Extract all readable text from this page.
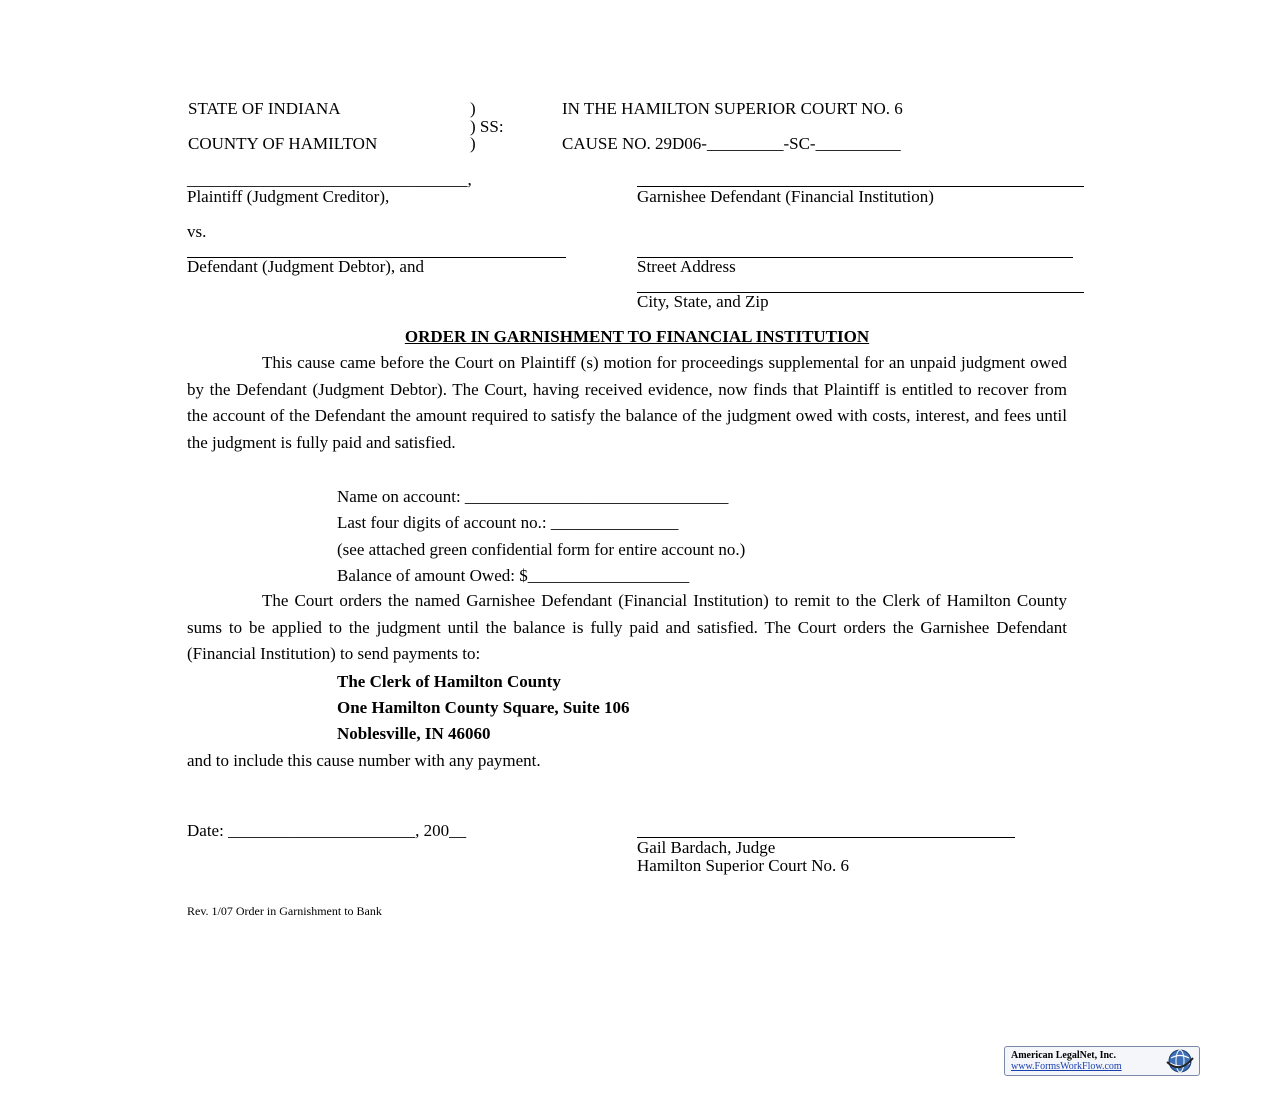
STATE OF INDIANA
COUNTY OF HAMILTON
)
) SS:
)
IN THE HAMILTON SUPERIOR COURT NO. 6
CAUSE NO. 29D06-_________-SC-__________
_________________________________,
Plaintiff (Judgment Creditor),
vs.
Defendant (Judgment Debtor), and
Garnishee Defendant (Financial Institution)
Street Address
City, State, and Zip
ORDER IN GARNISHMENT TO FINANCIAL INSTITUTION
This cause came before the Court on Plaintiff (s) motion for proceedings supplemental for an unpaid judgment owed by the Defendant (Judgment Debtor). The Court, having received evidence, now finds that Plaintiff is entitled to recover from the account of the Defendant the amount required to satisfy the balance of the judgment owed with costs, interest, and fees until the judgment is fully paid and satisfied.
Name on account: _______________________________
Last four digits of account no.: _______________
(see attached green confidential form for entire account no.)
Balance of amount Owed: $___________________
The Court orders the named Garnishee Defendant (Financial Institution) to remit to the Clerk of Hamilton County sums to be applied to the judgment until the balance is fully paid and satisfied. The Court orders the Garnishee Defendant (Financial Institution) to send payments to:
The Clerk of Hamilton County
One Hamilton County Square, Suite 106
Noblesville, IN 46060
and to include this cause number with any payment.
Date: ______________________, 200__
Gail Bardach, Judge
Hamilton Superior Court No. 6
Rev. 1/07 Order in Garnishment to Bank
American LegalNet, Inc.
www.FormsWorkFlow.com
